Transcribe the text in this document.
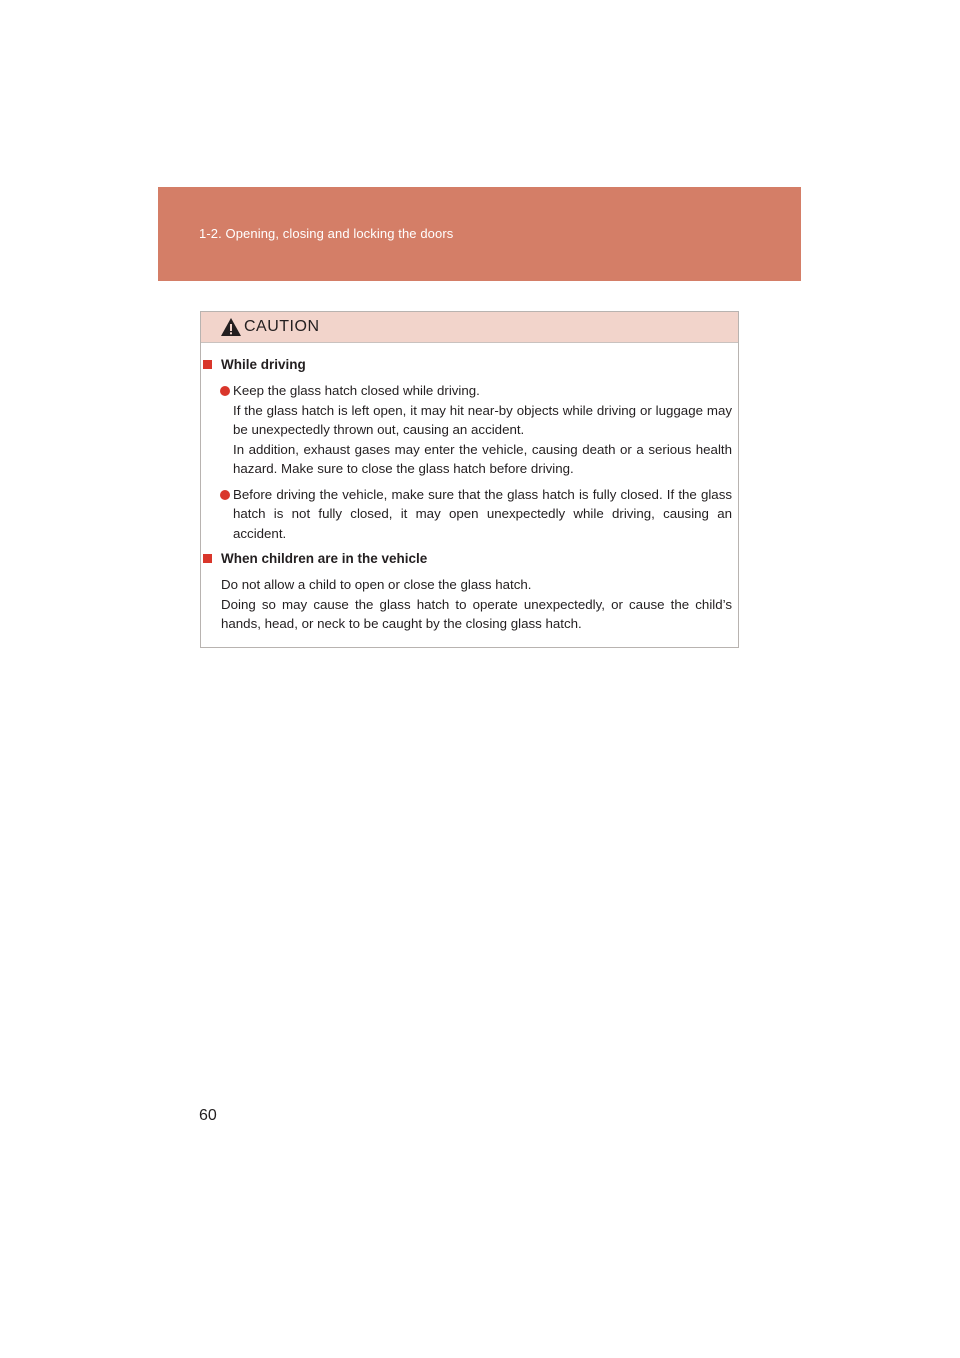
1-2. Opening, closing and locking the doors
CAUTION
While driving

Keep the glass hatch closed while driving.

If the glass hatch is left open, it may hit near-by objects while driving or luggage may be unexpectedly thrown out, causing an accident.

In addition, exhaust gases may enter the vehicle, causing death or a serious health hazard. Make sure to close the glass hatch before driving.

Before driving the vehicle, make sure that the glass hatch is fully closed. If the glass hatch is not fully closed, it may open unexpectedly while driving, causing an accident.

When children are in the vehicle

Do not allow a child to open or close the glass hatch.

Doing so may cause the glass hatch to operate unexpectedly, or cause the child’s hands, head, or neck to be caught by the closing glass hatch.

60
